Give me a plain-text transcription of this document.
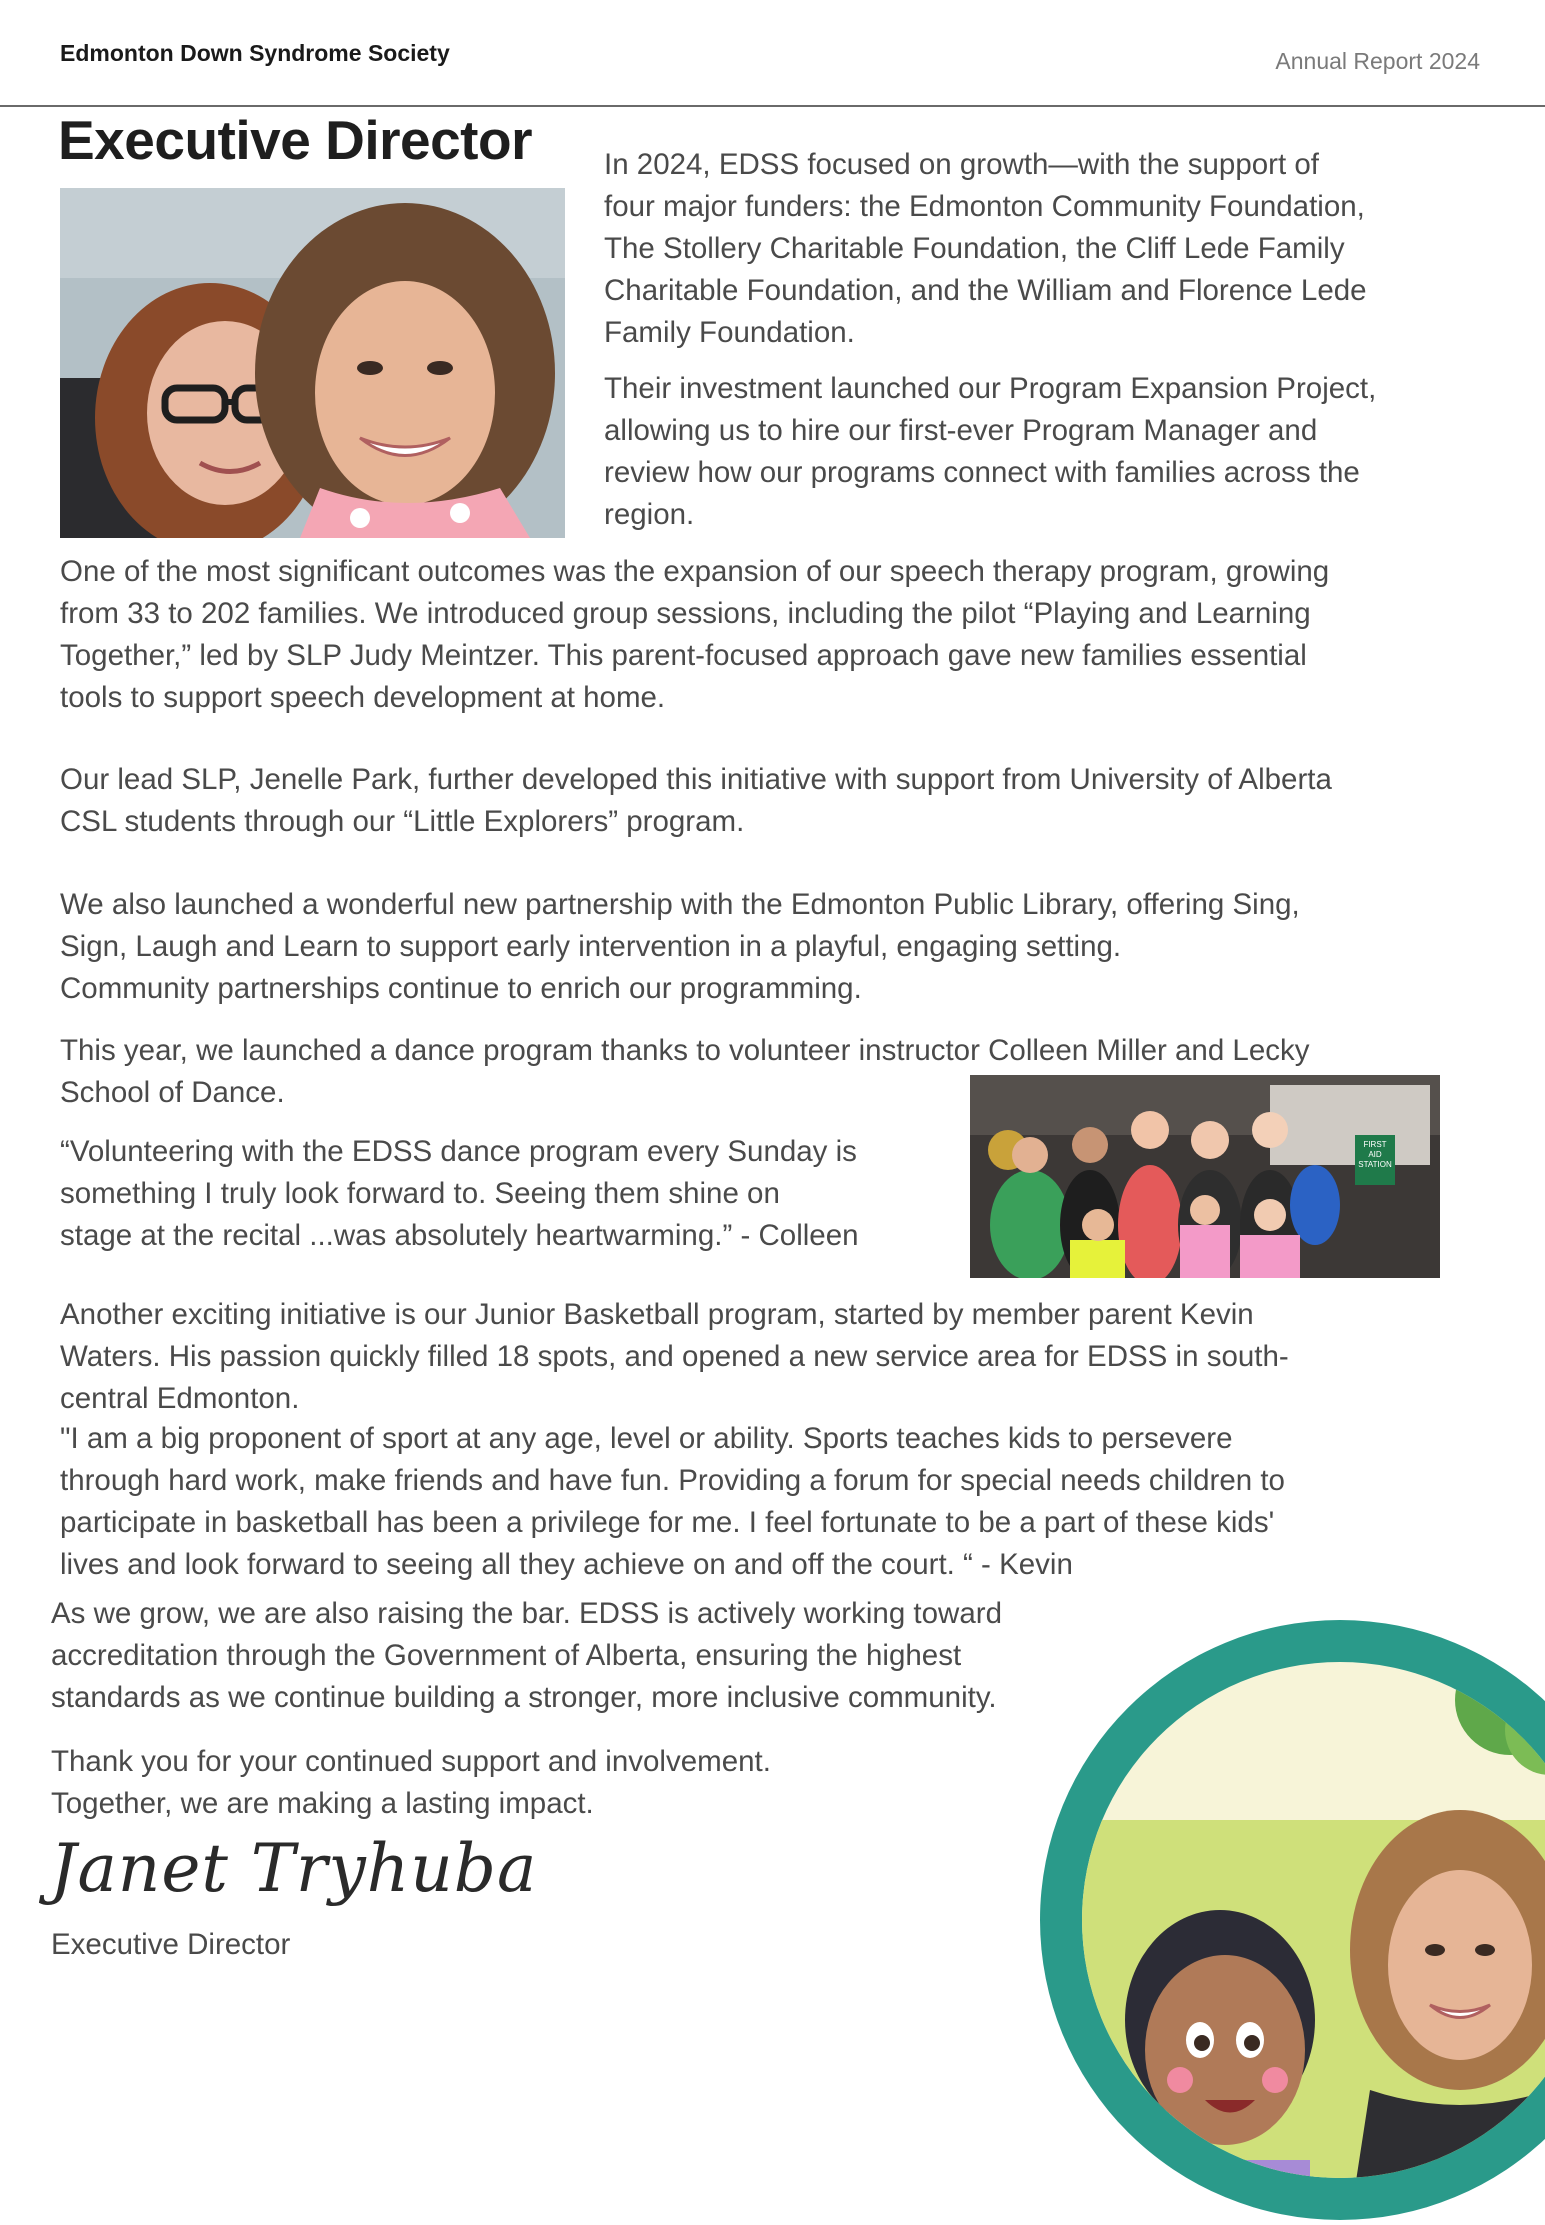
Edmonton Down Syndrome Society	Annual Report 2024
Executive Director In 2024, EDSS focused on growth—with the support of

four major funders: the Edmonton Community Foundation,

The Stollery Charitable Foundation, the Cliff Lede Family

Charitable Foundation, and the William and Florence Lede

Family Foundation.

Their investment launched our Program Expansion Project,

allowing us to hire our first-ever Program Manager and

review how our programs connect with families across the

region.

One of the most significant outcomes was the expansion of our speech therapy program, growing

from 33 to 202 families. We introduced group sessions, including the pilot “Playing and Learning

Together,” led by SLP Judy Meintzer. This parent-focused approach gave new families essential

tools to support speech development at home.

Our lead SLP, Jenelle Park, further developed this initiative with support from University of Alberta

CSL students through our “Little Explorers” program.

We also launched a wonderful new partnership with the Edmonton Public Library, offering Sing,

Sign, Laugh and Learn to support early intervention in a playful, engaging setting.

Community partnerships continue to enrich our programming.

This year, we launched a dance program thanks to volunteer instructor Colleen Miller and Lecky

School of Dance.

“Volunteering with the EDSS dance program every Sunday is

something I truly look forward to. Seeing them shine on

stage at the recital ...was absolutely heartwarming.” - Colleen

FIRST
AID
STATION

Another exciting initiative is our Junior Basketball program, started by member parent Kevin

Waters. His passion quickly filled 18 spots, and opened a new service area for EDSS in south-

central Edmonton.

"I am a big proponent of sport at any age, level or ability. Sports teaches kids to persevere

through hard work, make friends and have fun. Providing a forum for special needs children to

participate in basketball has been a privilege for me. I feel fortunate to be a part of these kids'

lives and look forward to seeing all they achieve on and off the court. “ - Kevin

As we grow, we are also raising the bar. EDSS is actively working toward

accreditation through the Government of Alberta, ensuring the highest

standards as we continue building a stronger, more inclusive community.

Thank you for your continued support and involvement.

Together, we are making a lasting impact.

Janet Tryhuba
Executive Director
